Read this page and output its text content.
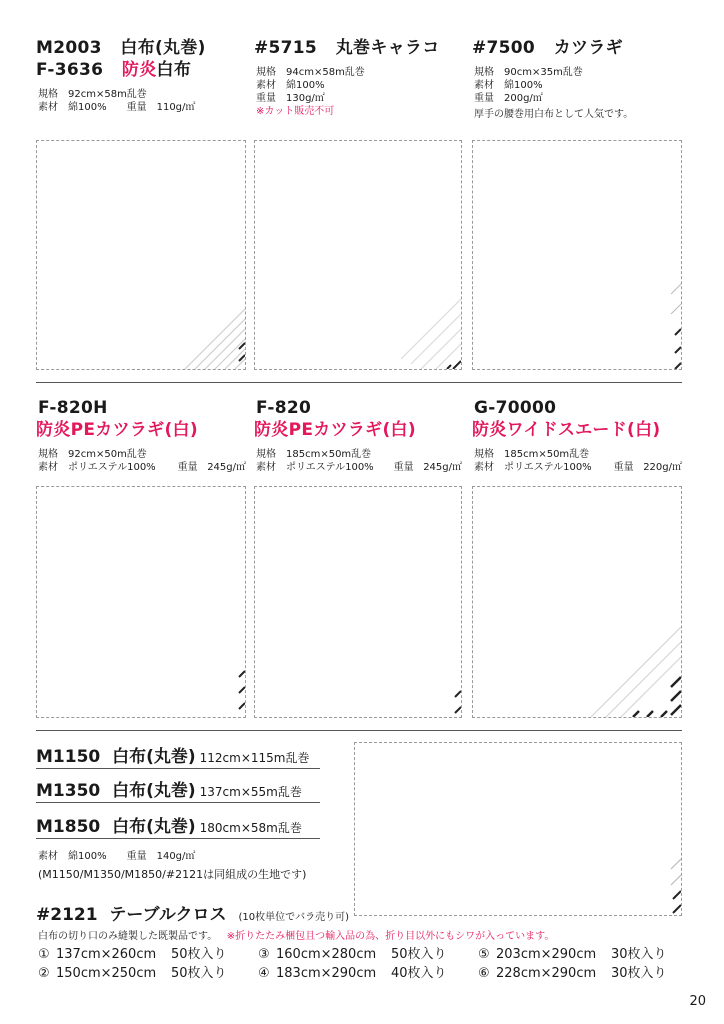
M2003 白布(丸巻)
F-3636 防炎白布
規格 92cm×58m乱巻
素材 綿100%　　重量　110g/㎡
#5715 丸巻キャラコ
規格 94cm×58m乱巻
素材 綿100%
重量 130g/㎡
※カット販売不可
#7500 カツラギ
規格 90cm×35m乱巻
素材 綿100%
重量 200g/㎡
厚手の腰巻用白布として人気です。
F-820H
防炎PEカツラギ(白)
規格 92cm×50m乱巻
素材 ポリエステル100% 重量 245g/㎡
F-820
防炎PEカツラギ(白)
規格 185cm×50m乱巻
素材 ポリエステル100% 重量 245g/㎡
G-70000
防炎ワイドスエード(白)
規格 185cm×50m乱巻
素材 ポリエステル100% 重量 220g/㎡
M1150 白布(丸巻) 112cm×115m乱巻
M1350 白布(丸巻) 137cm×55m乱巻
M1850 白布(丸巻) 180cm×58m乱巻
素材　綿100%　　重量　140g/㎡
(M1150/M1350/M1850/#2121は同組成の生地です)
#2121 テーブルクロス (10枚単位でバラ売り可)
白布の切り口のみ縫製した既製品です。 ※折りたたみ梱包且つ輸入品の為、折り目以外にもシワが入っています。
① 137cm×260cm 50枚入り ③ 160cm×280cm 50枚入り ⑤ 203cm×290cm 30枚入り
② 150cm×250cm 50枚入り ④ 183cm×290cm 40枚入り ⑥ 228cm×290cm 30枚入り
20
